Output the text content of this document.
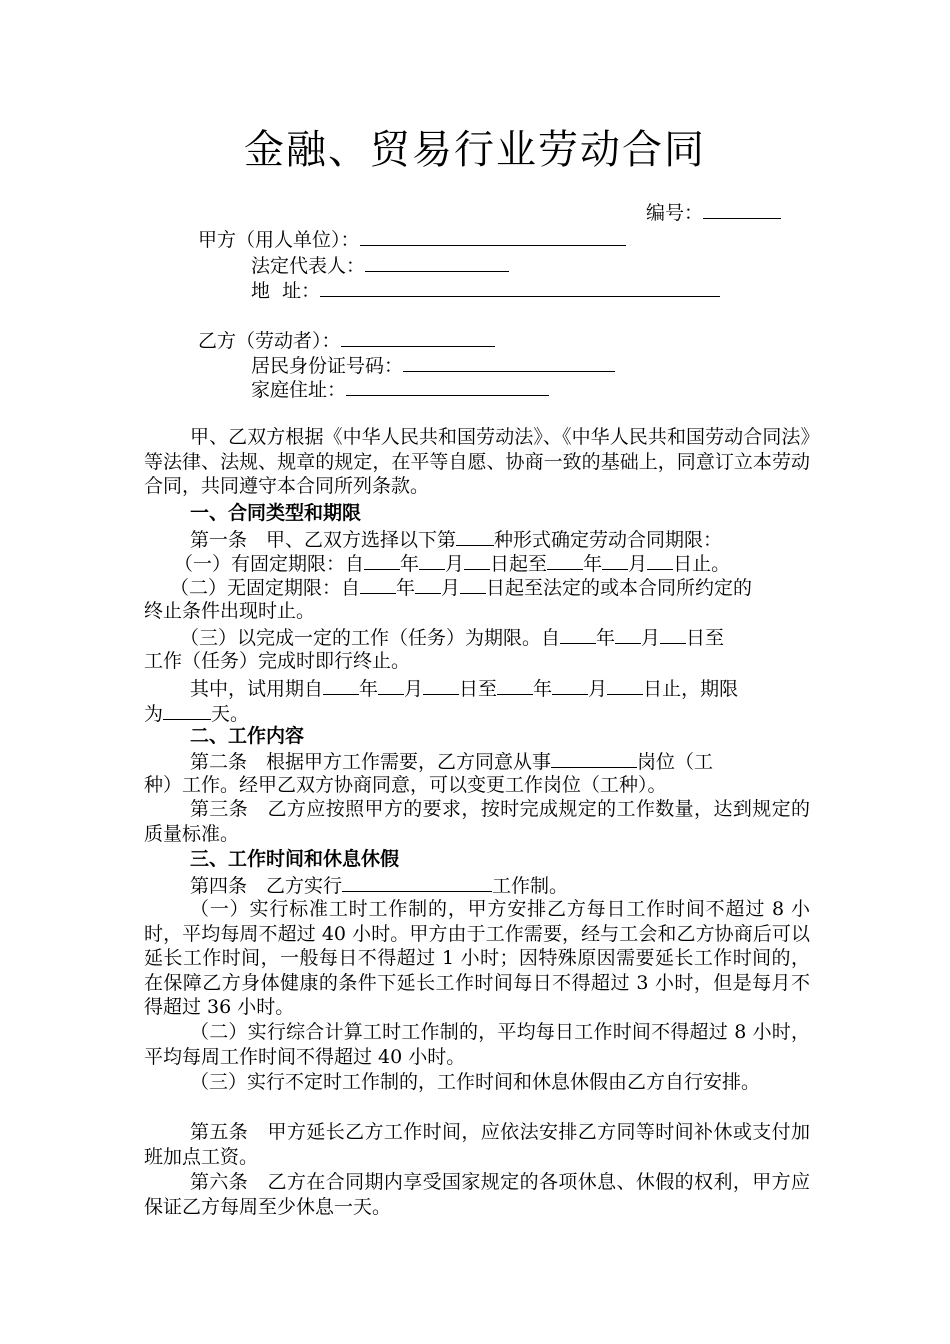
金融、贸易行业劳动合同
编号：
甲方（用人单位）：
法定代表人：
地  址：
乙方（劳动者）：
居民身份证号码：
家庭住址：
甲、乙双方根据《中华人民共和国劳动法》、《中华人民共和国劳动合同法》等法律、法规、规章的规定，在平等自愿、协商一致的基础上，同意订立本劳动合同，共同遵守本合同所列条款。
一、合同类型和期限
第一条　甲、乙双方选择以下第 种形式确定劳动合同期限：
（一）有固定期限：自 年 月 日起至 年 月 日止。
（二）无固定期限：自 年 月 日起至法定的或本合同所约定的
终止条件出现时止。
（三）以完成一定的工作（任务）为期限。自 年 月 日至
工作（任务）完成时即行终止。
其中，试用期自 年 月 日至 年 月 日止，期限
为	天。
二、工作内容
第二条　根据甲方工作需要，乙方同意从事	岗位（工
种）工作。经甲乙双方协商同意，可以变更工作岗位（工种）。
第三条　乙方应按照甲方的要求，按时完成规定的工作数量，达到规定的质量标准。
三、工作时间和休息休假
第四条　乙方实行	工作制。
（一）实行标准工时工作制的，甲方安排乙方每日工作时间不超过 8 小时，平均每周不超过 40 小时。甲方由于工作需要，经与工会和乙方协商后可以延长工作时间，一般每日不得超过 1 小时；因特殊原因需要延长工作时间的，在保障乙方身体健康的条件下延长工作时间每日不得超过 3 小时，但是每月不得超过 36 小时。
（二）实行综合计算工时工作制的，平均每日工作时间不得超过 8 小时，平均每周工作时间不得超过 40 小时。
（三）实行不定时工作制的，工作时间和休息休假由乙方自行安排。
第五条　甲方延长乙方工作时间，应依法安排乙方同等时间补休或支付加班加点工资。
第六条　乙方在合同期内享受国家规定的各项休息、休假的权利，甲方应保证乙方每周至少休息一天。
